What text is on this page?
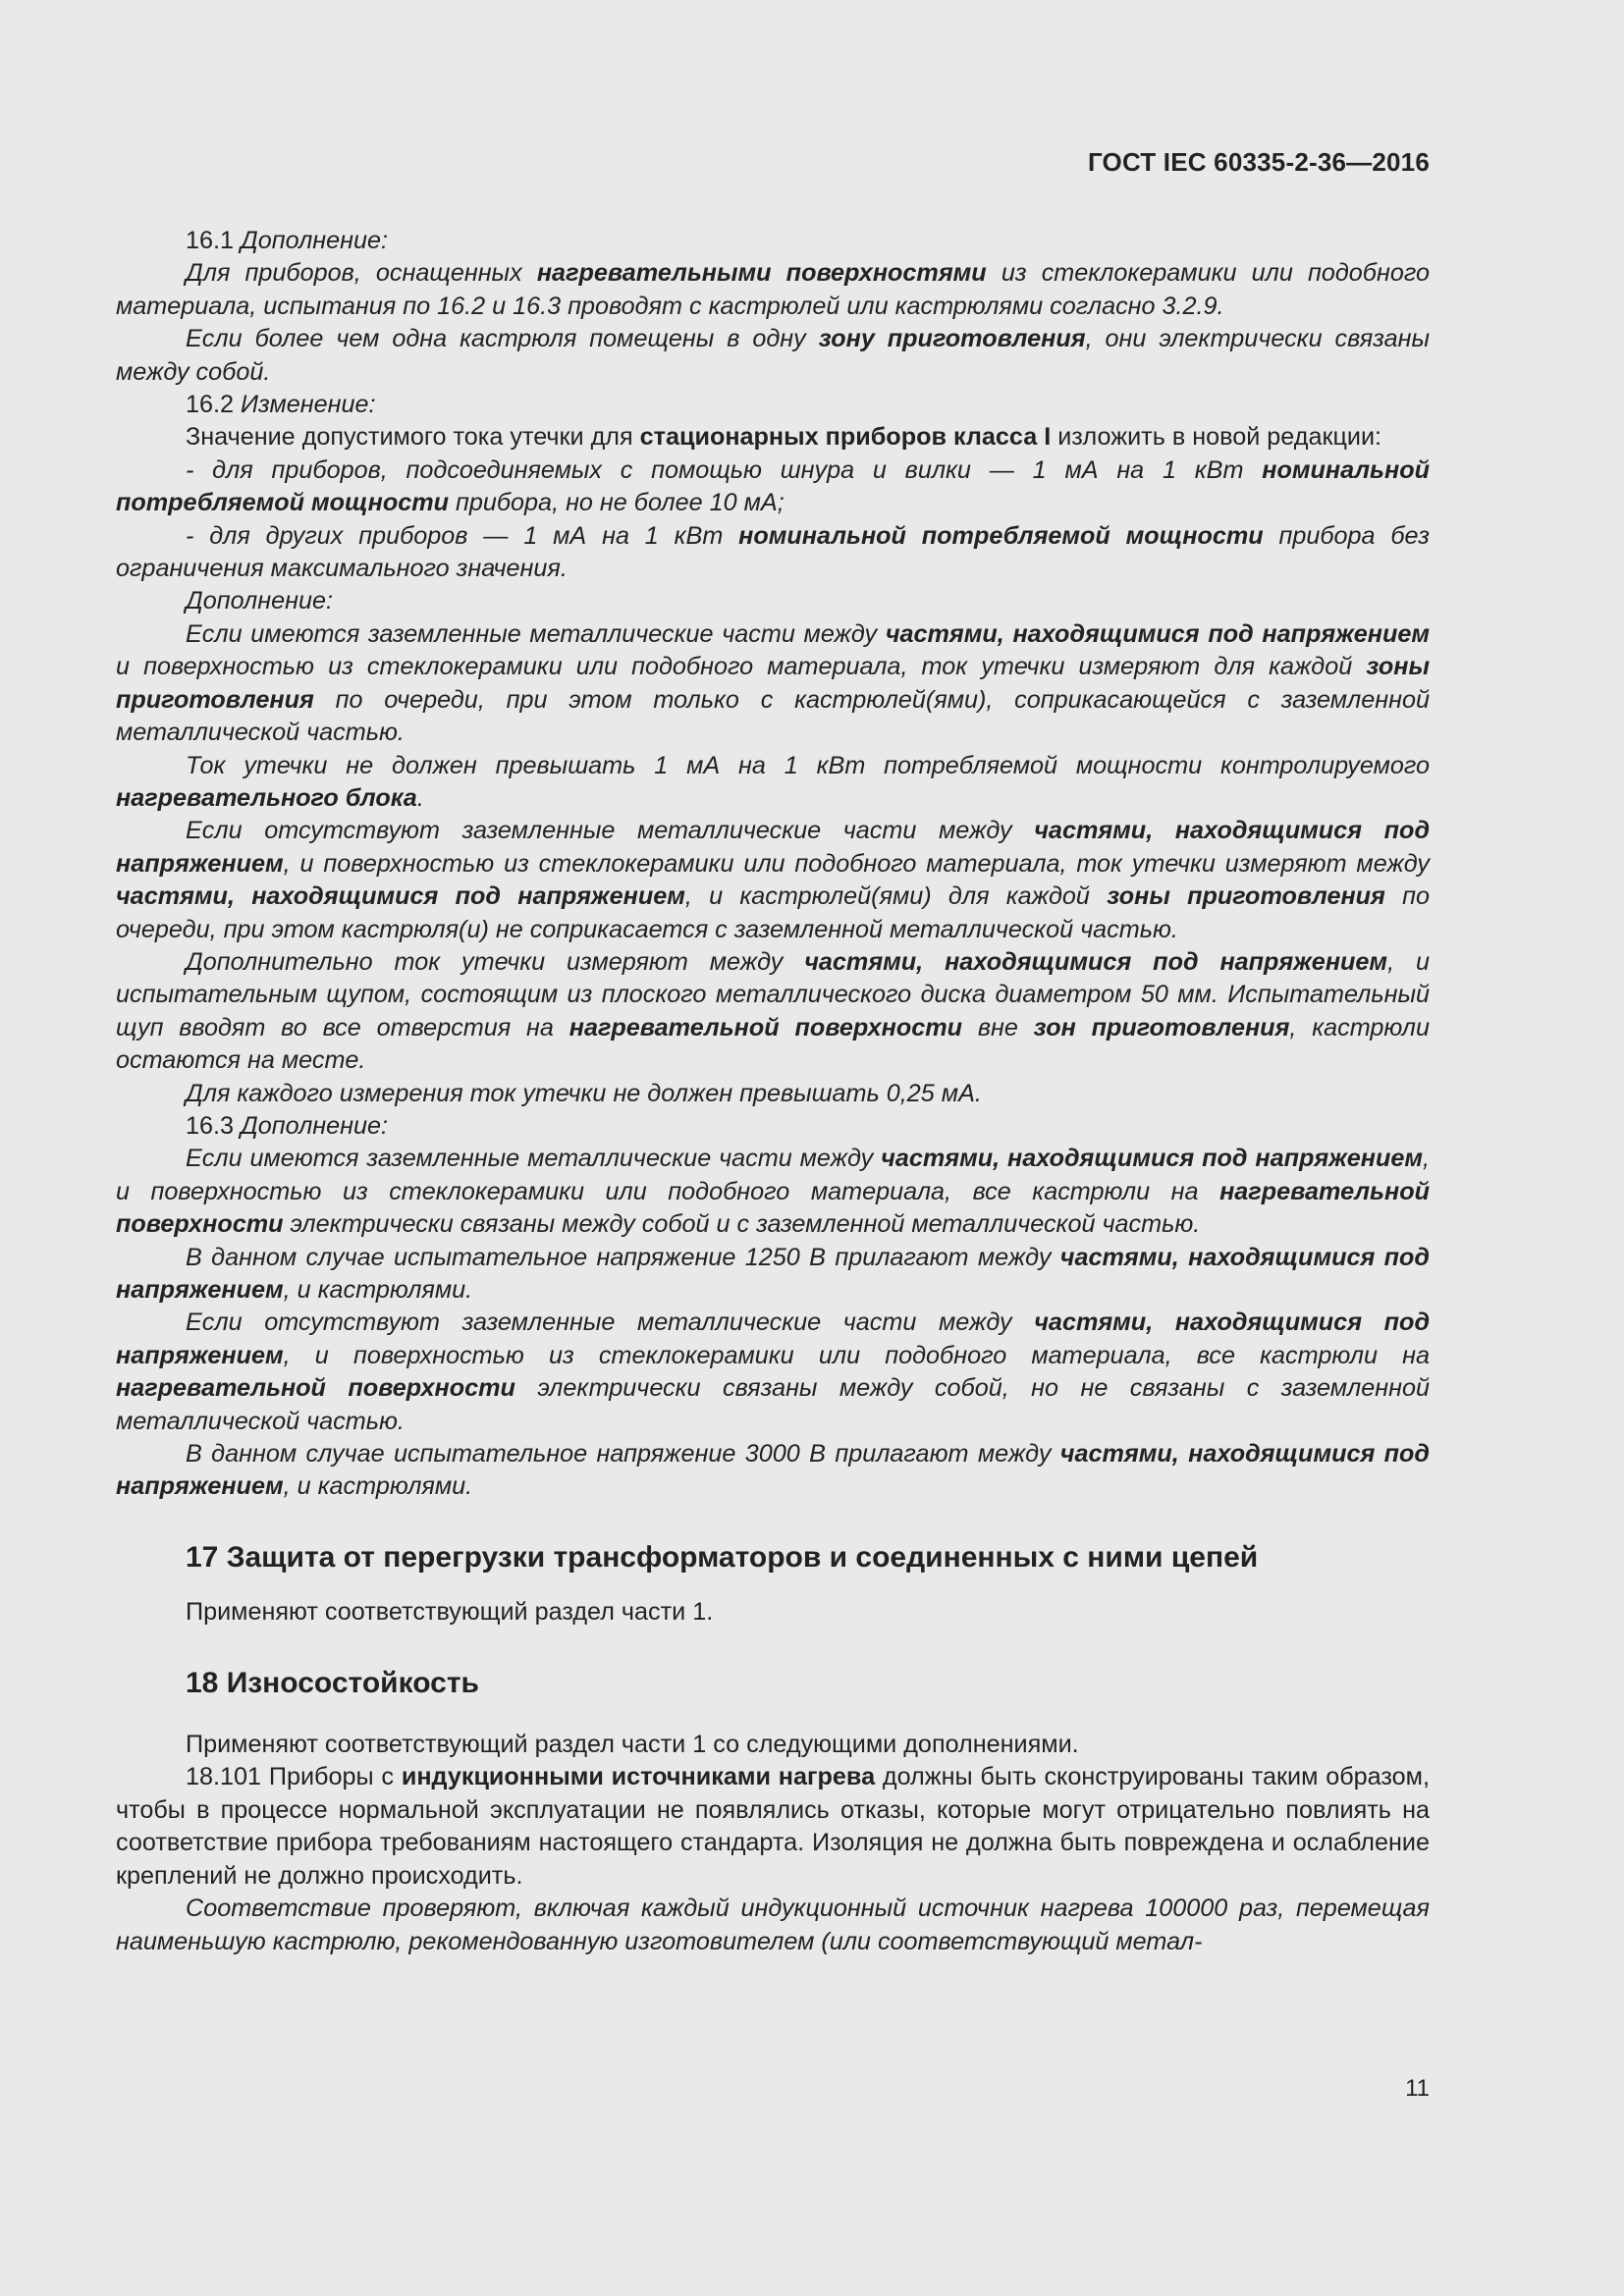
ГОСТ IEC 60335-2-36—2016

16.1 Дополнение:

Для приборов, оснащенных нагревательными поверхностями из стеклокерамики или подобного материала, испытания по 16.2 и 16.3 проводят с кастрюлей или кастрюлями согласно 3.2.9.

Если более чем одна кастрюля помещены в одну зону приготовления, они электрически связаны между собой.

16.2 Изменение:

Значение допустимого тока утечки для стационарных приборов класса I изложить в новой редакции:

- для приборов, подсоединяемых с помощью шнура и вилки — 1 мА на 1 кВт номинальной потребляемой мощности прибора, но не более 10 мА;

- для других приборов — 1 мА на 1 кВт номинальной потребляемой мощности прибора без ограничения максимального значения.

Дополнение:

Если имеются заземленные металлические части между частями, находящимися под напряжением и поверхностью из стеклокерамики или подобного материала, ток утечки измеряют для каждой зоны приготовления по очереди, при этом только с кастрюлей(ями), соприкасающейся с заземленной металлической частью.

Ток утечки не должен превышать 1 мА на 1 кВт потребляемой мощности контролируемого нагревательного блока.

Если отсутствуют заземленные металлические части между частями, находящимися под напряжением, и поверхностью из стеклокерамики или подобного материала, ток утечки измеряют между частями, находящимися под напряжением, и кастрюлей(ями) для каждой зоны приготовления по очереди, при этом кастрюля(и) не соприкасается с заземленной металлической частью.

Дополнительно ток утечки измеряют между частями, находящимися под напряжением, и испытательным щупом, состоящим из плоского металлического диска диаметром 50 мм. Испытательный щуп вводят во все отверстия на нагревательной поверхности вне зон приготовления, кастрюли остаются на месте.

Для каждого измерения ток утечки не должен превышать 0,25 мА.

16.3 Дополнение:

Если имеются заземленные металлические части между частями, находящимися под напряжением, и поверхностью из стеклокерамики или подобного материала, все кастрюли на нагревательной поверхности электрически связаны между собой и с заземленной металлической частью.

В данном случае испытательное напряжение 1250 В прилагают между частями, находящимися под напряжением, и кастрюлями.

Если отсутствуют заземленные металлические части между частями, находящимися под напряжением, и поверхностью из стеклокерамики или подобного материала, все кастрюли на нагревательной поверхности электрически связаны между собой, но не связаны с заземленной металлической частью.

В данном случае испытательное напряжение 3000 В прилагают между частями, находящимися под напряжением, и кастрюлями.

17 Защита от перегрузки трансформаторов и соединенных с ними цепей

Применяют соответствующий раздел части 1.

18 Износостойкость

Применяют соответствующий раздел части 1 со следующими дополнениями.

18.101 Приборы с индукционными источниками нагрева должны быть сконструированы таким образом, чтобы в процессе нормальной эксплуатации не появлялись отказы, которые могут отрицательно повлиять на соответствие прибора требованиям настоящего стандарта. Изоляция не должна быть повреждена и ослабление креплений не должно происходить.

Соответствие проверяют, включая каждый индукционный источник нагрева 100000 раз, перемещая наименьшую кастрюлю, рекомендованную изготовителем (или соответствующий метал-

11
